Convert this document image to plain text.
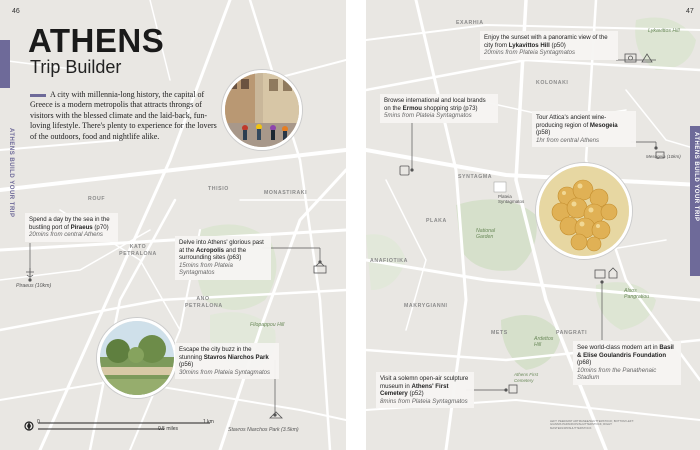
46
ATHENS BUILD YOUR TRIP
ATHENS
Trip Builder
A city with millennia-long history, the capital of Greece is a modern metropolis that attracts throngs of visitors with the blessed climate and the laid-back, fun-loving lifestyle. There's plenty to experience for the lovers of the outdoors, food and nightlife alike.
Spend a day by the sea in the bustling port of Piraeus (p70)
20mins from central Athens
Delve into Athens' glorious past at the Acropolis and the surrounding sites (p63)
15mins from Plateia Syntagmatos
Escape the city buzz in the stunning Stavros Niarchos Park (p56)
30mins from Plateia Syntagmatos
ROUF
THISIO
MONASTIRAKI
KATO PETRALONA
ANO PETRALONA
Filopappou Hill
Piraeus (10km)
Stavros Niarchos Park (3.5km)
0	1 km
0.5 miles
47
ATHENS BUILD YOUR TRIP
Enjoy the sunset with a panoramic view of the city from Lykavittos Hill (p50)
20mins from Plateia Syntagmatos
Browse international and local brands on the Ermou shopping strip (p73)
5mins from Plateia Syntagmatos	Tour Attica's ancient wine-producing region of Mesogeia (p58)
1hr from central Athens
See world-class modern art in Basil & Elise Goulandris Foundation (p68)
10mins from the Panathenaic Stadium
Visit a solemn open-air sculpture museum in Athens' First Cemetery (p52)
8mins from Plateia Syntagmatos
EXARHIA
KOLONAKI
Lykavittos Hill
SYNTAGMA
Plateia Syntagmatos
PLAKA
ANAFIOTIKA
National Garden
MAKRYGIANNI
METS
Ardettos Hill
PANGRATI
Alsos Pangratiou
Athens First Cemetery
Mesogeia (10km)
LEFT: PEERAPAT ARTMANEE/SHUTTERSTOCK; BOTTOM LEFT: GIANNIS PAPANIKOS/SHUTTERSTOCK; RIGHT: MASTER1305/SHUTTERSTOCK
